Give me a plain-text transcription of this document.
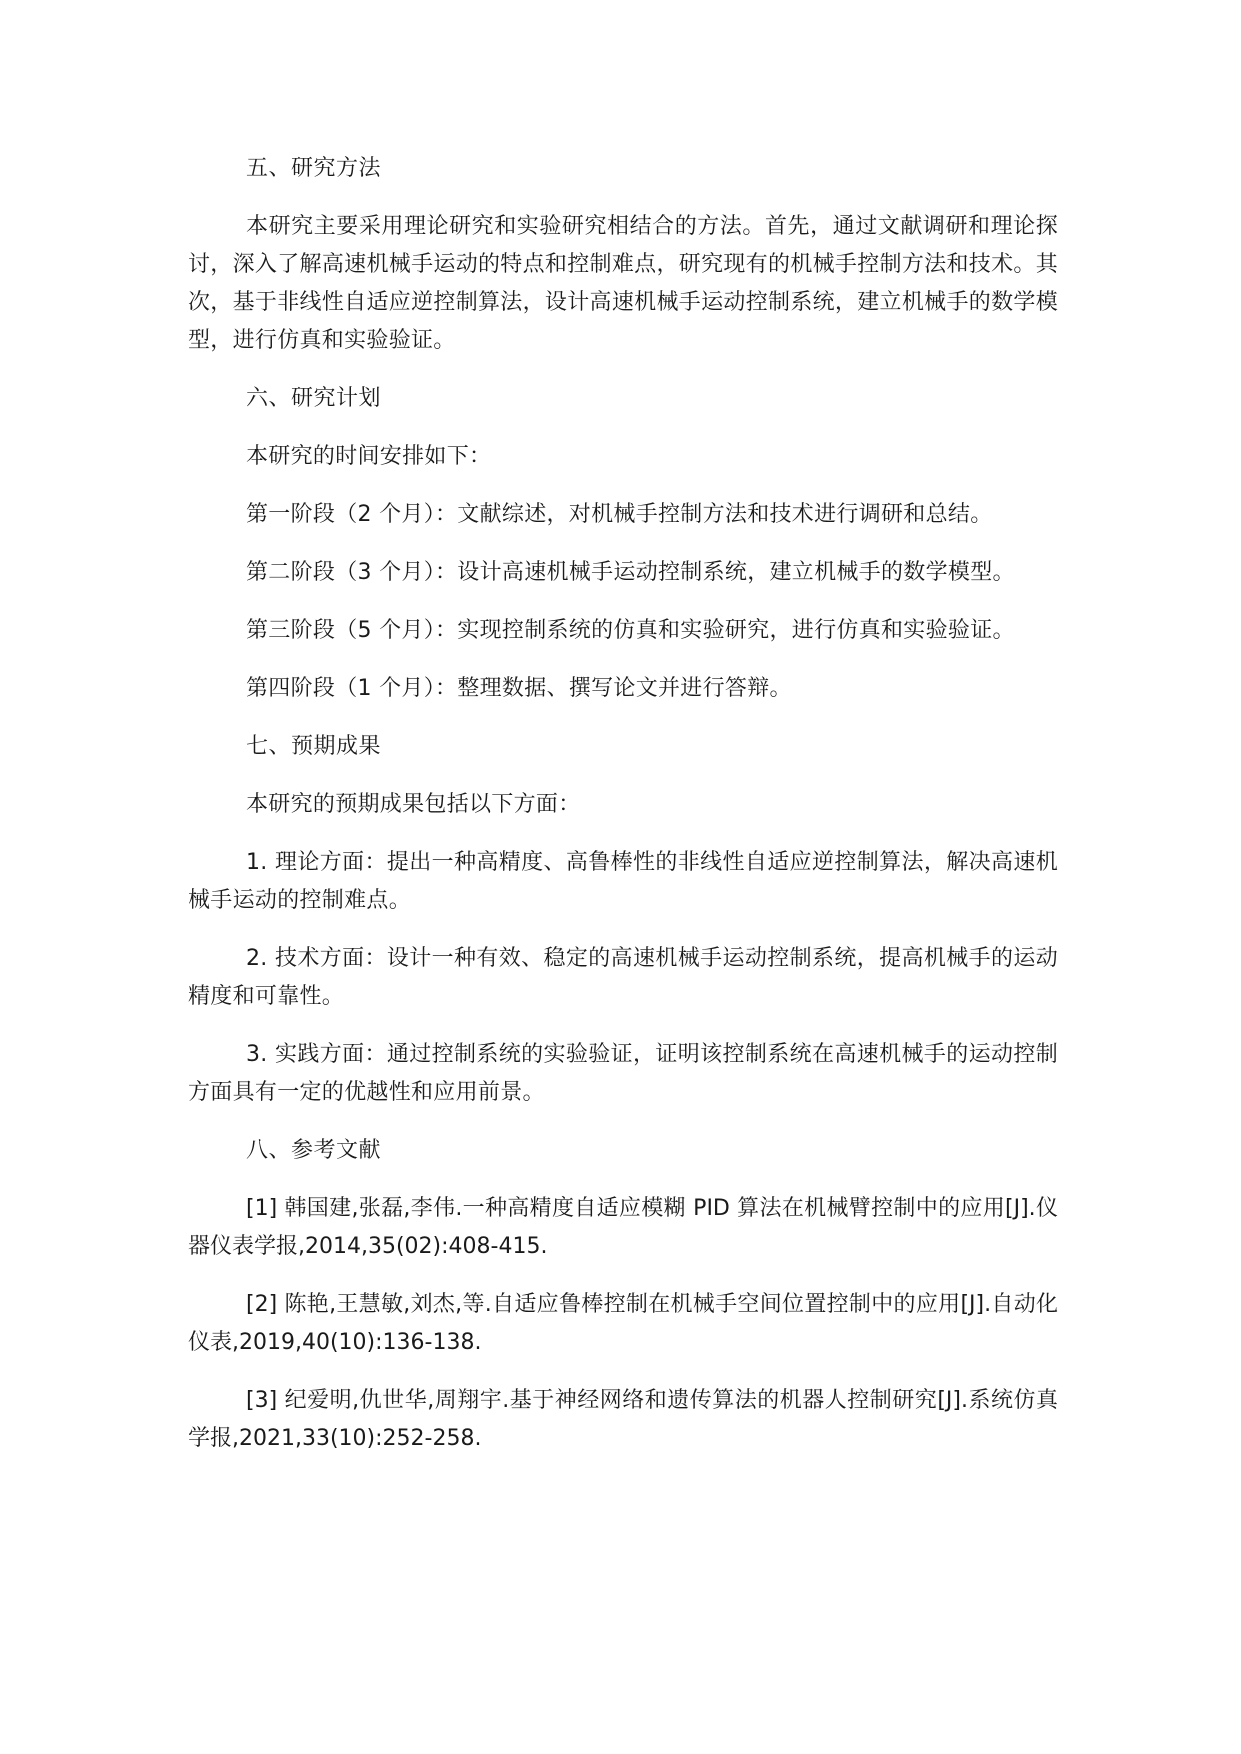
五、研究方法

本研究主要采用理论研究和实验研究相结合的方法。首先，通过文献调研和理论探讨，深入了解高速机械手运动的特点和控制难点，研究现有的机械手控制方法和技术。其次，基于非线性自适应逆控制算法，设计高速机械手运动控制系统，建立机械手的数学模型，进行仿真和实验验证。

六、研究计划

本研究的时间安排如下：

第一阶段（2 个月）：文献综述，对机械手控制方法和技术进行调研和总结。

第二阶段（3 个月）：设计高速机械手运动控制系统，建立机械手的数学模型。

第三阶段（5 个月）：实现控制系统的仿真和实验研究，进行仿真和实验验证。

第四阶段（1 个月）：整理数据、撰写论文并进行答辩。

七、预期成果

本研究的预期成果包括以下方面：

1. 理论方面：提出一种高精度、高鲁棒性的非线性自适应逆控制算法，解决高速机械手运动的控制难点。

2. 技术方面：设计一种有效、稳定的高速机械手运动控制系统，提高机械手的运动精度和可靠性。

3. 实践方面：通过控制系统的实验验证，证明该控制系统在高速机械手的运动控制方面具有一定的优越性和应用前景。

八、参考文献

[1] 韩国建,张磊,李伟.一种高精度自适应模糊 PID 算法在机械臂控制中的应用[J].仪器仪表学报,2014,35(02):408-415.

[2] 陈艳,王慧敏,刘杰,等.自适应鲁棒控制在机械手空间位置控制中的应用[J].自动化仪表,2019,40(10):136-138.

[3] 纪爱明,仇世华,周翔宇.基于神经网络和遗传算法的机器人控制研究[J].系统仿真学报,2021,33(10):252-258.
